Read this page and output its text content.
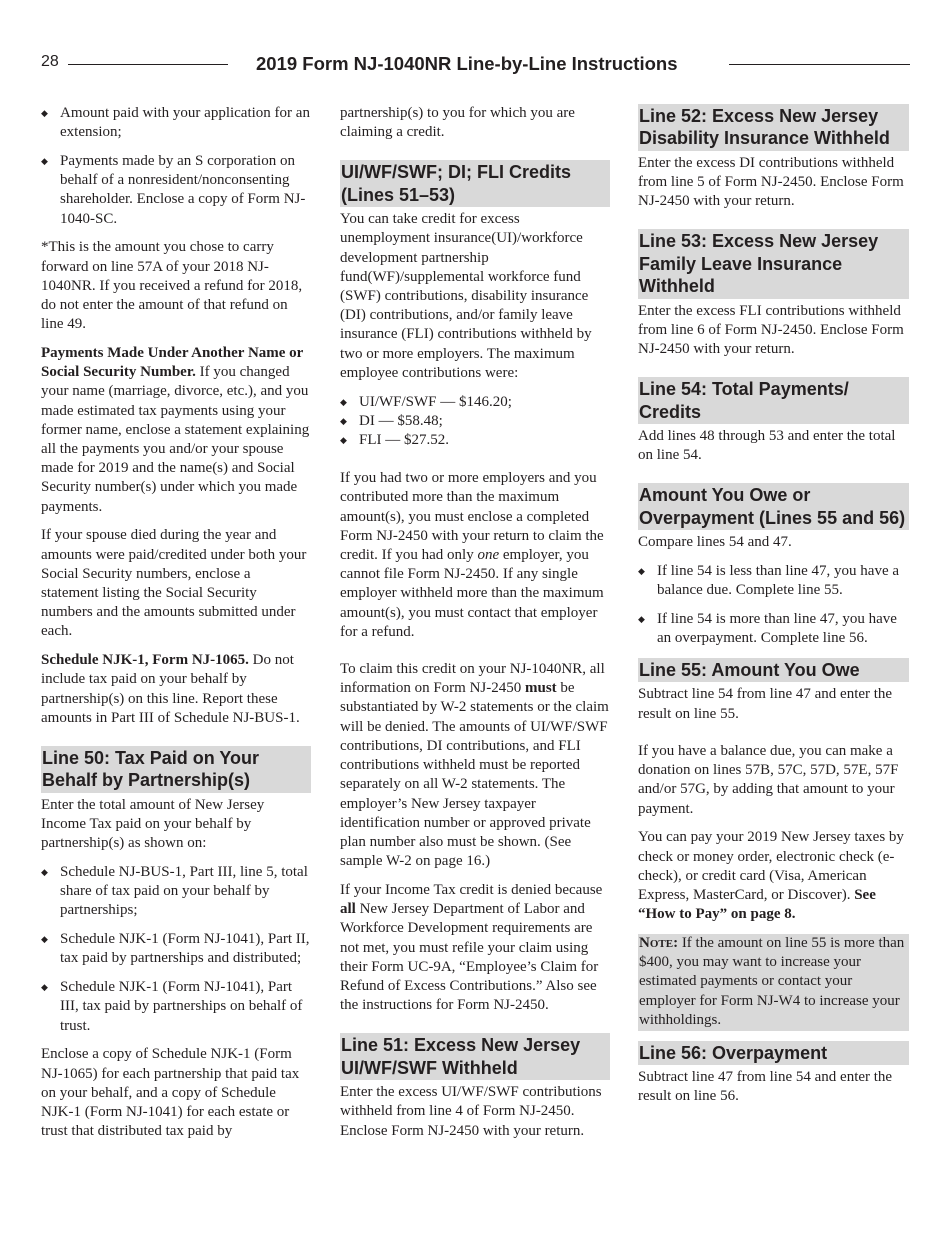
28	2019 Form NJ-1040NR Line-by-Line Instructions
◆ Amount paid with your application for an extension;
◆ Payments made by an S corporation on behalf of a nonresident/nonconsenting shareholder. Enclose a copy of Form NJ-1040-SC.

*This is the amount you chose to carry forward on line 57A of your 2018 NJ-1040NR. If you received a refund for 2018, do not enter the amount of that refund on line 49.

Payments Made Under Another Name or Social Security Number. If you changed your name (marriage, divorce, etc.), and you made estimated tax payments using your former name, enclose a statement explaining all the payments you and/or your spouse made for 2019 and the name(s) and Social Security number(s) under which you made payments.

If your spouse died during the year and amounts were paid/credited under both your Social Security numbers, enclose a statement listing the Social Security numbers and the amounts submitted under each.

Schedule NJK-1, Form NJ-1065. Do not include tax paid on your behalf by partnership(s) on this line. Report these amounts in Part III of Schedule NJ-BUS-1.

Line 50: Tax Paid on Your Behalf by Partnership(s)

Enter the total amount of New Jersey Income Tax paid on your behalf by partnership(s) as shown on:

◆ Schedule NJ-BUS-1, Part III, line 5, total share of tax paid on your behalf by partnerships;
◆ Schedule NJK-1 (Form NJ-1041), Part II, tax paid by partnerships and distributed;
◆ Schedule NJK-1 (Form NJ-1041), Part III, tax paid by partnerships on behalf of trust.

Enclose a copy of Schedule NJK-1 (Form NJ-1065) for each partnership that paid tax on your behalf, and a copy of Schedule NJK-1 (Form NJ-1041) for each estate or trust that distributed tax paid by

partnership(s) to you for which you are claiming a credit.

UI/WF/SWF; DI; FLI Credits (Lines 51–53)

You can take credit for excess unemployment insurance(UI)/workforce development partnership fund(WF)/supplemental workforce fund (SWF) contributions, disability insurance (DI) contributions, and/or family leave insurance (FLI) contributions withheld by two or more employers. The maximum employee contributions were:

◆ UI/WF/SWF — $146.20;
◆ DI — $58.48;
◆ FLI — $27.52.

If you had two or more employers and you contributed more than the maximum amount(s), you must enclose a completed Form NJ-2450 with your return to claim the credit. If you had only one employer, you cannot file Form NJ-2450. If any single employer withheld more than the maximum amount(s), you must contact that employer for a refund.

To claim this credit on your NJ-1040NR, all information on Form NJ-2450 must be substantiated by W-2 statements or the claim will be denied. The amounts of UI/WF/SWF contributions, DI contributions, and FLI contributions withheld must be reported separately on all W-2 statements. The employer’s New Jersey taxpayer identification number or approved private plan number also must be shown. (See sample W-2 on page 16.)

If your Income Tax credit is denied because all New Jersey Department of Labor and Workforce Development requirements are not met, you must refile your claim using their Form UC-9A, “Employee’s Claim for Refund of Excess Contributions.” Also see the instructions for Form NJ-2450.

Line 51: Excess New Jersey UI/WF/SWF Withheld

Enter the excess UI/WF/SWF contributions withheld from line 4 of Form NJ-2450. Enclose Form NJ-2450 with your return.

Line 52: Excess New Jersey Disability Insurance Withheld

Enter the excess DI contributions withheld from line 5 of Form NJ-2450. Enclose Form NJ-2450 with your return.

Line 53: Excess New Jersey Family Leave Insurance Withheld

Enter the excess FLI contributions withheld from line 6 of Form NJ-2450. Enclose Form NJ-2450 with your return.

Line 54: Total Payments/ Credits

Add lines 48 through 53 and enter the total on line 54.

Amount You Owe or Overpayment (Lines 55 and 56)

Compare lines 54 and 47.

◆ If line 54 is less than line 47, you have a balance due. Complete line 55.
◆ If line 54 is more than line 47, you have an overpayment. Complete line 56.
Line 55: Amount You Owe

Subtract line 54 from line 47 and enter the result on line 55.

If you have a balance due, you can make a donation on lines 57B, 57C, 57D, 57E, 57F and/or 57G, by adding that amount to your payment.

You can pay your 2019 New Jersey taxes by check or money order, electronic check (e-check), or credit card (Visa, American Express, MasterCard, or Discover). See “How to Pay” on page 8.

Note: If the amount on line 55 is more than $400, you may want to increase your estimated payments or contact your employer for Form NJ-W4 to increase your withholdings.

Line 56: Overpayment

Subtract line 47 from line 54 and enter the result on line 56.
